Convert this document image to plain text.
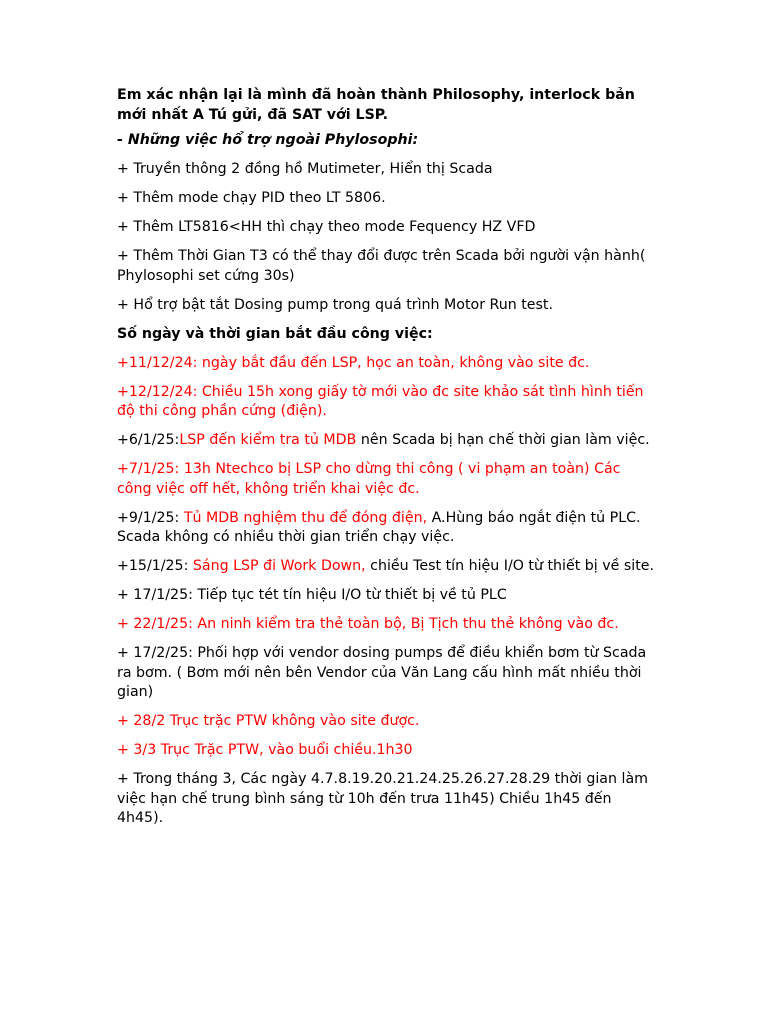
Em xác nhận lại là mình đã hoàn thành Philosophy, interlock bản mới nhất A Tú gửi, đã SAT với LSP.

- Những việc hổ trợ ngoài Phylosophi:

+ Truyền thông 2 đồng hồ Mutimeter, Hiển thị Scada

+ Thêm mode chạy PID theo LT 5806.

+ Thêm LT5816<HH thì chạy theo mode Fequency HZ VFD

+ Thêm Thời Gian T3 có thể thay đổi được trên Scada bởi người vận hành( Phylosophi set cứng 30s)

+ Hổ trợ bật tắt Dosing pump trong quá trình Motor Run test.

Số ngày và thời gian bắt đầu công việc:

+11/12/24: ngày bắt đầu đến LSP, học an toàn, không vào site đc.

+12/12/24: Chiều 15h xong giấy tờ mới vào đc site khảo sát tình hình tiến độ thi công phần cứng (điện).

+6/1/25:LSP đến kiểm tra tủ MDB nên Scada bị hạn chế thời gian làm việc.

+7/1/25: 13h Ntechco bị LSP cho dừng thi công ( vi phạm an toàn) Các công việc off hết, không triển khai việc đc.

+9/1/25: Tủ MDB nghiệm thu để đóng điện, A.Hùng báo ngắt điện tủ PLC. Scada không có nhiều thời gian triển chạy việc.

+15/1/25: Sáng LSP đi Work Down, chiều Test tín hiệu I/O từ thiết bị về site.

+ 17/1/25: Tiếp tục tét tín hiệu I/O từ thiết bị về tủ PLC

+ 22/1/25: An ninh kiểm tra thẻ toàn bộ, Bị Tịch thu thẻ không vào đc.

+ 17/2/25: Phối hợp với vendor dosing pumps để điều khiển bơm từ Scada ra bơm. ( Bơm mới nên bên Vendor của Văn Lang cấu hình mất nhiều thời gian)

+ 28/2 Trục trặc PTW không vào site được.

+ 3/3 Trục Trặc PTW, vào buổi chiều.1h30

+ Trong tháng 3, Các ngày 4.7.8.19.20.21.24.25.26.27.28.29 thời gian làm việc hạn chế trung bình sáng từ 10h đến trưa 11h45) Chiều 1h45 đến 4h45).
